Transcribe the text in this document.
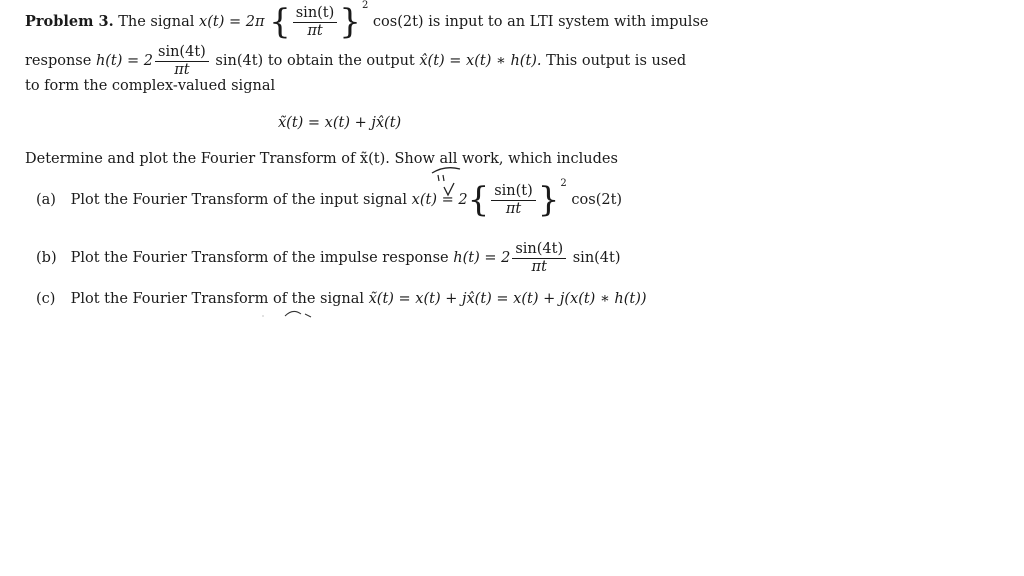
Problem 3. The signal x(t) = 2π { $\frac{\sin(t)}{\pi t} \}^2$ cos(2t) is input to an LTI system with impulse
response $h(t) = 2 \frac{\sin(4t)}{\pi t} \sin(4t)$ to obtain the output x̂(t) = x(t) ∗ h(t). This output is used
to form the complex-valued signal
x̃(t) = x(t) + jx̂(t)
Determine and plot the Fourier Transform of x̃(t). Show all work, which includes
(a) Plot the Fourier Transform of the input signal $x(t) = 2\{ \frac{\sin(t)}{\pi t} \}^2$ cos(2t)
(b) Plot the Fourier Transform of the impulse response $h(t) = 2 \frac{\sin(4t)}{\pi t} \sin(4t)$
(c) Plot the Fourier Transform of the signal x̃(t) = x(t) + jx̂(t) = x(t) + j(x(t) ∗ h(t))
